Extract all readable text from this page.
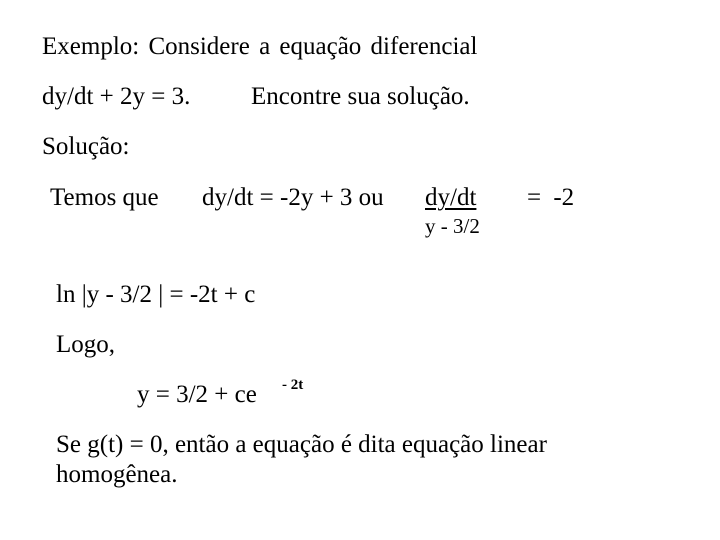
Exemplo: Considere a equação diferencial
dy/dt + 2y = 3. Encontre sua solução.
Solução:
Temos que dy/dt = -2y + 3 ou dy/dt
y - 3/2
= -2
ln |y - 3/2 | = -2t + c
Logo,
y = 3/2 + ce - 2t
Se g(t) = 0, então a equação é dita equação linear homogênea.
